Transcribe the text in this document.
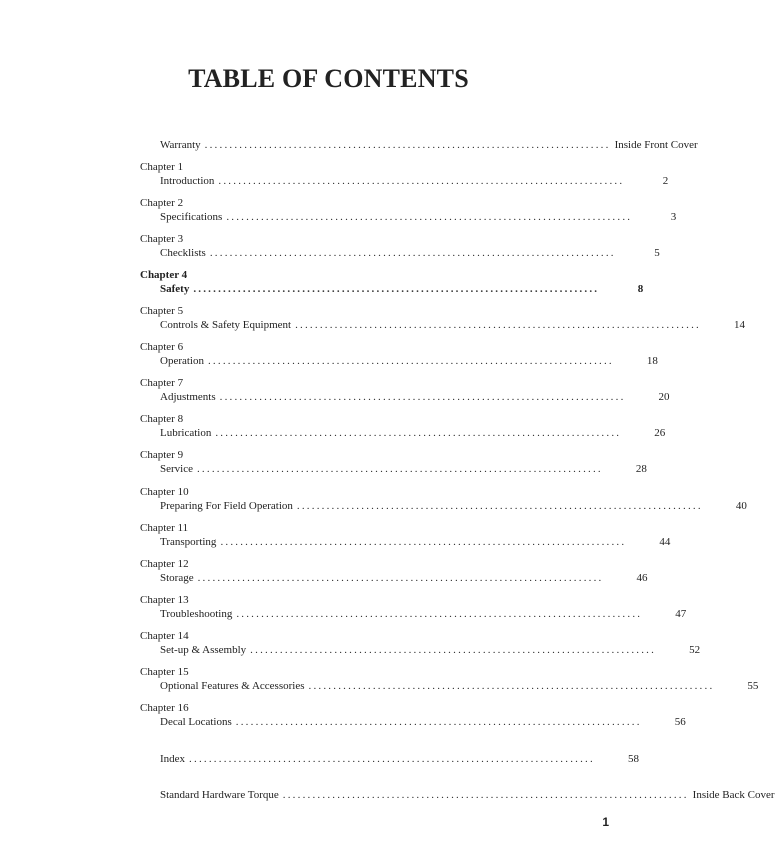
TABLE OF CONTENTS
Warranty .................................................................................. Inside Front Cover
Chapter 1
Introduction ..................................................................................	2
Chapter 2
Specifications ..................................................................................	3
Chapter 3
Checklists ..................................................................................	5
Chapter 4
Safety ..................................................................................	8
Chapter 5
Controls & Safety Equipment ..................................................................................	14
Chapter 6
Operation ..................................................................................	18
Chapter 7
Adjustments ..................................................................................	20
Chapter 8
Lubrication ..................................................................................	26
Chapter 9
Service ..................................................................................	28
Chapter 10
Preparing For Field Operation ..................................................................................	40
Chapter 11
Transporting ..................................................................................	44
Chapter 12
Storage ..................................................................................	46
Chapter 13
Troubleshooting ..................................................................................	47
Chapter 14
Set-up & Assembly ..................................................................................	52
Chapter 15
Optional Features & Accessories ..................................................................................	55
Chapter 16
Decal Locations ..................................................................................	56
Index ..................................................................................	58
Standard Hardware Torque .................................................................................. Inside Back Cover
1
